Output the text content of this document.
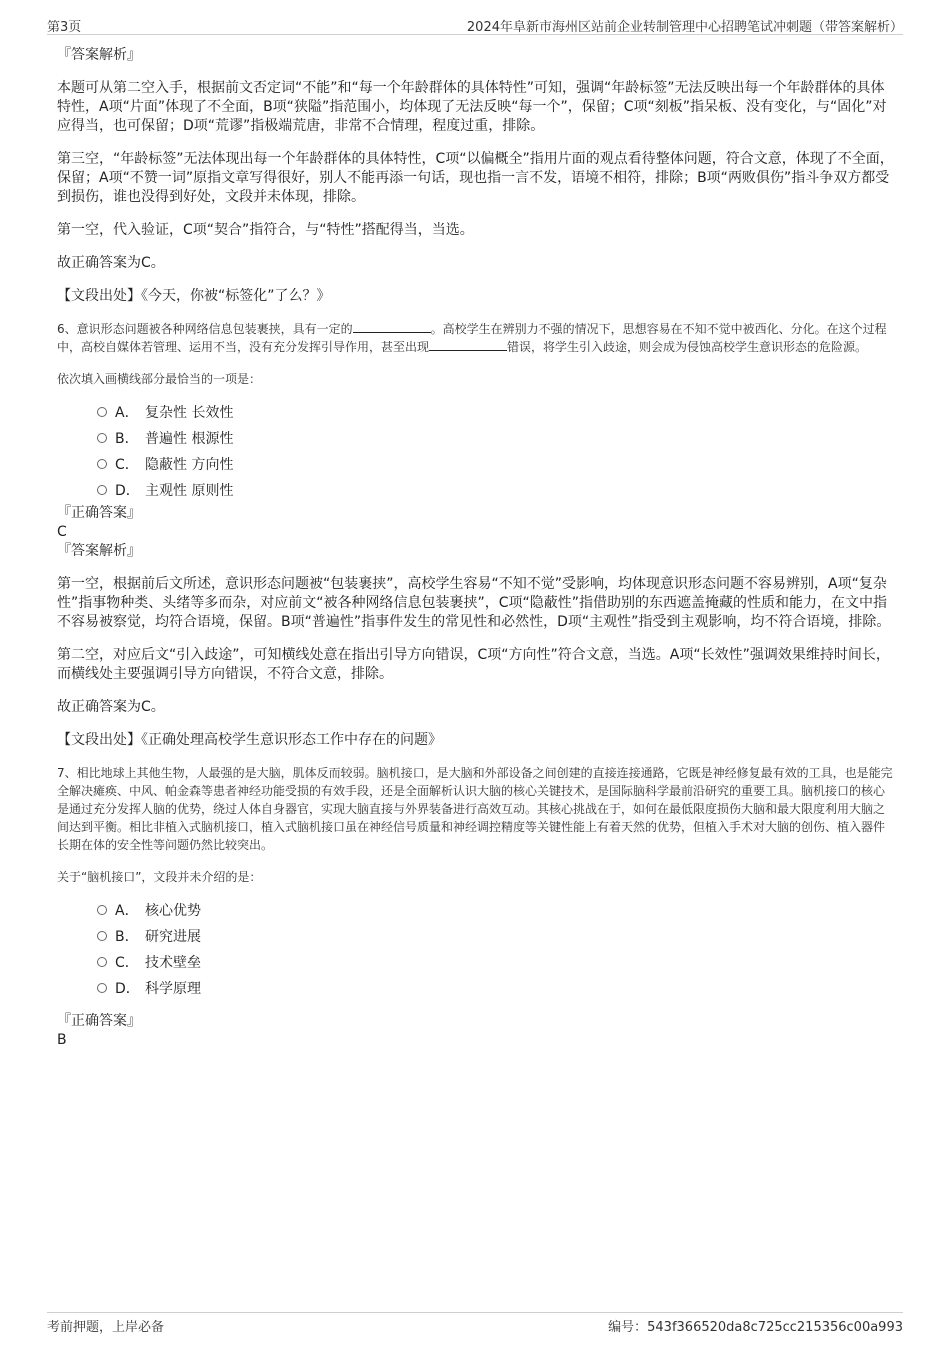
第3页	2024年阜新市海州区站前企业转制管理中心招聘笔试冲刺题（带答案解析）

『答案解析』

本题可从第二空入手，根据前文否定词“不能”和“每一个年龄群体的具体特性”可知，强调“年龄标签”无法反映出每一个年龄群体的具体特性，A项“片面”体现了不全面，B项“狭隘”指范围小，均体现了无法反映“每一个”，保留；C项“刻板”指呆板、没有变化，与“固化”对应得当，也可保留；D项“荒谬”指极端荒唐，非常不合情理，程度过重，排除。

第三空，“年龄标签”无法体现出每一个年龄群体的具体特性，C项“以偏概全”指用片面的观点看待整体问题，符合文意，体现了不全面，保留；A项“不赞一词”原指文章写得很好，别人不能再添一句话，现也指一言不发，语境不相符，排除；B项“两败俱伤”指斗争双方都受到损伤，谁也没得到好处，文段并未体现，排除。

第一空，代入验证，C项“契合”指符合，与“特性”搭配得当，当选。

故正确答案为C。

【文段出处】《今天，你被“标签化”了么？》

6、意识形态问题被各种网络信息包装裹挟，具有一定的	。高校学生在辨别力不强的情况下，思想容易在不知不觉中被西化、分化。在这个过程中，高校自媒体若管理、运用不当，没有充分发挥引导作用，甚至出现	错误，将学生引入歧途，则会成为侵蚀高校学生意识形态的危险源。

依次填入画横线部分最恰当的一项是：

A． 复杂性 长效性
B． 普遍性 根源性
C． 隐蔽性 方向性
D． 主观性 原则性

『正确答案』

C

『答案解析』

第一空，根据前后文所述，意识形态问题被“包装裹挟”，高校学生容易“不知不觉”受影响，均体现意识形态问题不容易辨别，A项“复杂性”指事物种类、头绪等多而杂，对应前文“被各种网络信息包装裹挟”，C项“隐蔽性”指借助别的东西遮盖掩藏的性质和能力，在文中指不容易被察觉，均符合语境，保留。B项“普遍性”指事件发生的常见性和必然性，D项“主观性”指受到主观影响，均不符合语境，排除。

第二空，对应后文“引入歧途”，可知横线处意在指出引导方向错误，C项“方向性”符合文意，当选。A项“长效性”强调效果维持时间长，而横线处主要强调引导方向错误，不符合文意，排除。

故正确答案为C。

【文段出处】《正确处理高校学生意识形态工作中存在的问题》

7、相比地球上其他生物，人最强的是大脑，肌体反而较弱。脑机接口，是大脑和外部设备之间创建的直接连接通路，它既是神经修复最有效的工具，也是能完全解决瘫痪、中风、帕金森等患者神经功能受损的有效手段，还是全面解析认识大脑的核心关键技术，是国际脑科学最前沿研究的重要工具。脑机接口的核心是通过充分发挥人脑的优势，绕过人体自身器官，实现大脑直接与外界装备进行高效互动。其核心挑战在于，如何在最低限度损伤大脑和最大限度利用大脑之间达到平衡。相比非植入式脑机接口，植入式脑机接口虽在神经信号质量和神经调控精度等关键性能上有着天然的优势，但植入手术对大脑的创伤、植入器件长期在体的安全性等问题仍然比较突出。

关于“脑机接口”，文段并未介绍的是：

A． 核心优势
B． 研究进展
C． 技术壁垒
D． 科学原理

『正确答案』

B

考前押题，上岸必备	编号：543f366520da8c725cc215356c00a993
